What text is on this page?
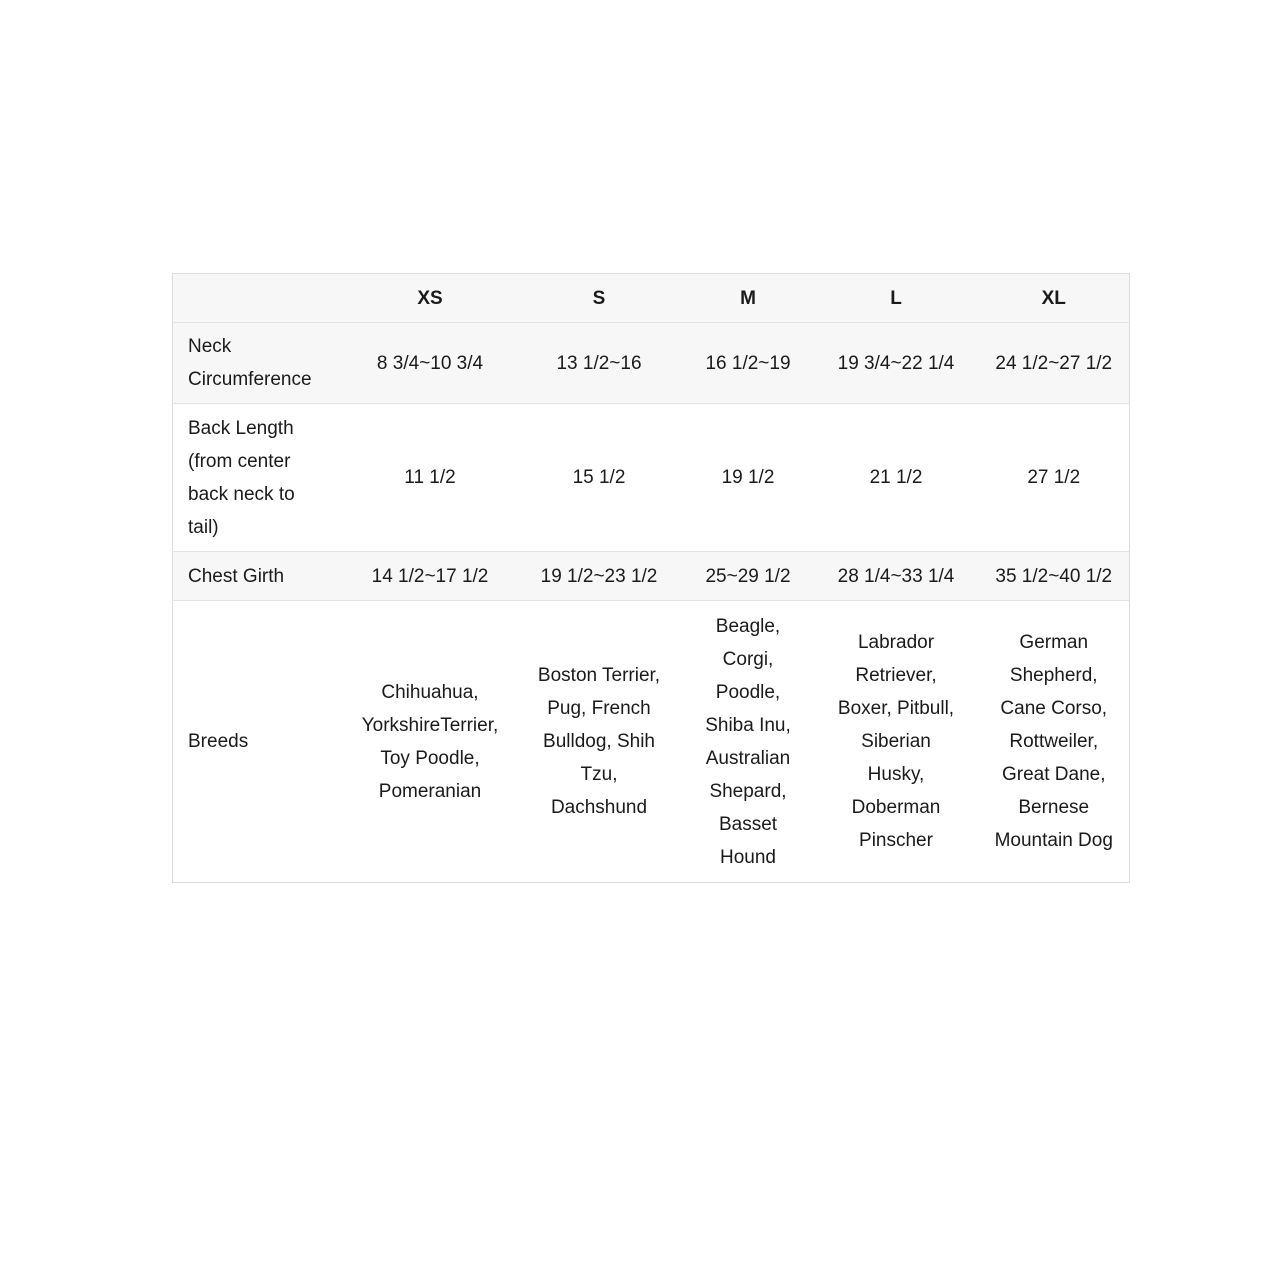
	XS	S	M	L	XL
Neck Circumference	8 3/4~10 3/4	13 1/2~16	16 1/2~19	19 3/4~22 1/4	24 1/2~27 1/2
Back Length (from center back neck to tail)	11 1/2	15 1/2	19 1/2	21 1/2	27 1/2
Chest Girth	14 1/2~17 1/2	19 1/2~23 1/2	25~29 1/2	28 1/4~33 1/4	35 1/2~40 1/2
Breeds	Chihuahua, YorkshireTerrier, Toy Poodle, Pomeranian	Boston Terrier, Pug, French Bulldog, Shih Tzu, Dachshund	Beagle, Corgi, Poodle, Shiba Inu, Australian Shepard, Basset Hound	Labrador Retriever, Boxer, Pitbull, Siberian Husky, Doberman Pinscher	German Shepherd, Cane Corso, Rottweiler, Great Dane, Bernese Mountain Dog
